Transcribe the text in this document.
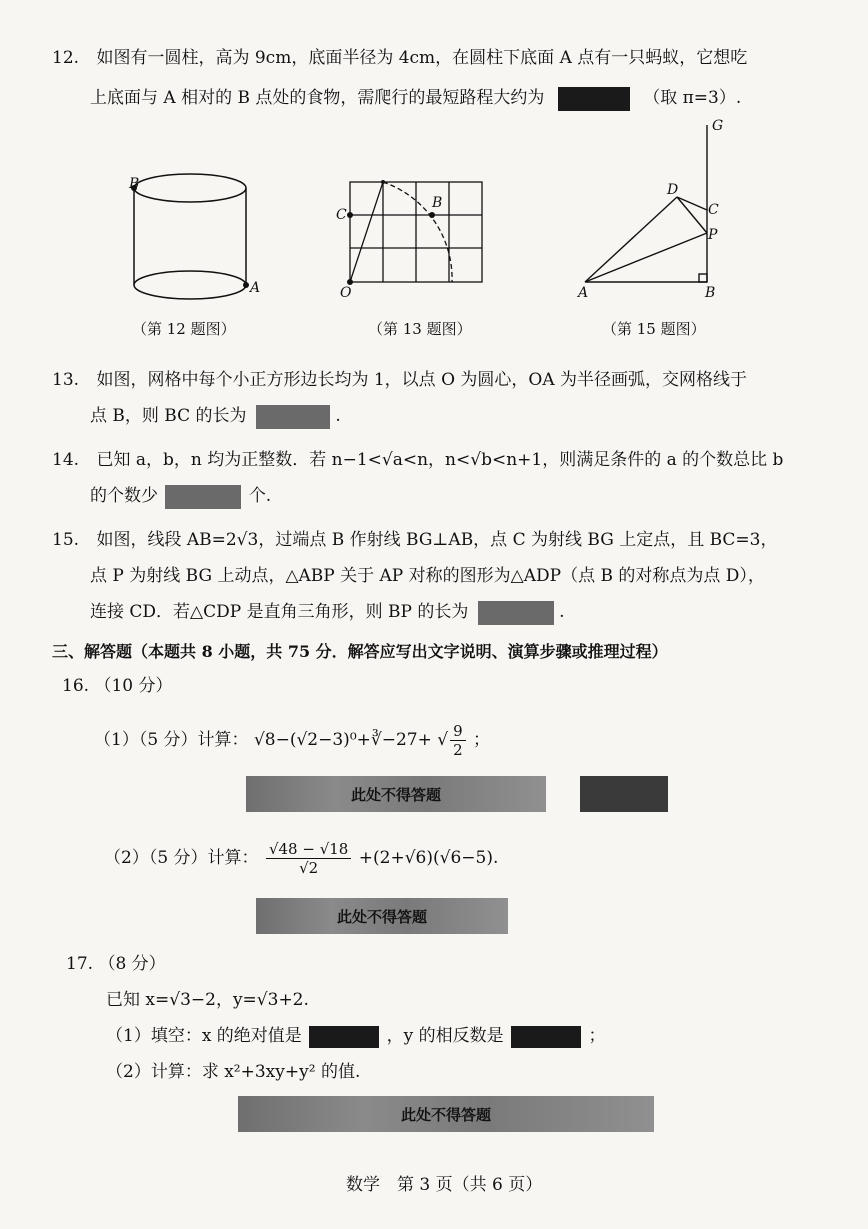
12. 如图有一圆柱，高为 9cm，底面半径为 4cm，在圆柱下底面 A 点有一只蚂蚁，它想吃
上底面与 A 相对的 B 点处的食物，需爬行的最短路程大约为	（取 π=3）.
B
A
（第 12 题图）
C
B
O
（第 13 题图）
G
D
C
P
A	B
（第 15 题图）
13. 如图，网格中每个小正方形边长均为 1，以点 O 为圆心，OA 为半径画弧，交网格线于
点 B，则 BC 的长为	.
14. 已知 a，b，n 均为正整数．若 n−1<√a<n，n<√b<n+1，则满足条件的 a 的个数总比 b
的个数少	个.
15. 如图，线段 AB=2√3，过端点 B 作射线 BG⊥AB，点 C 为射线 BG 上定点，且 BC=3，
点 P 为射线 BG 上动点，△ABP 关于 AP 对称的图形为△ADP（点 B 的对称点为点 D），
连接 CD．若△CDP 是直角三角形，则 BP 的长为	.
三、解答题（本题共 8 小题，共 75 分．解答应写出文字说明、演算步骤或推理过程）
16. （10 分）
（1）（5 分）计算： √8−(√2−3)⁰+∛−27+ √ $\frac{9}{2}$ ；
此处不得答题
（2）（5 分）计算： $\frac{√48 - √18}{√2} +(2+√6)(√6-5)$.
此处不得答题
17. （8 分）
已知 x=√3−2，y=√3+2.
（1）填空：x 的绝对值是	，y 的相反数是	；
（2）计算：求 x²+3xy+y² 的值.
此处不得答题
数学　第 3 页（共 6 页）
